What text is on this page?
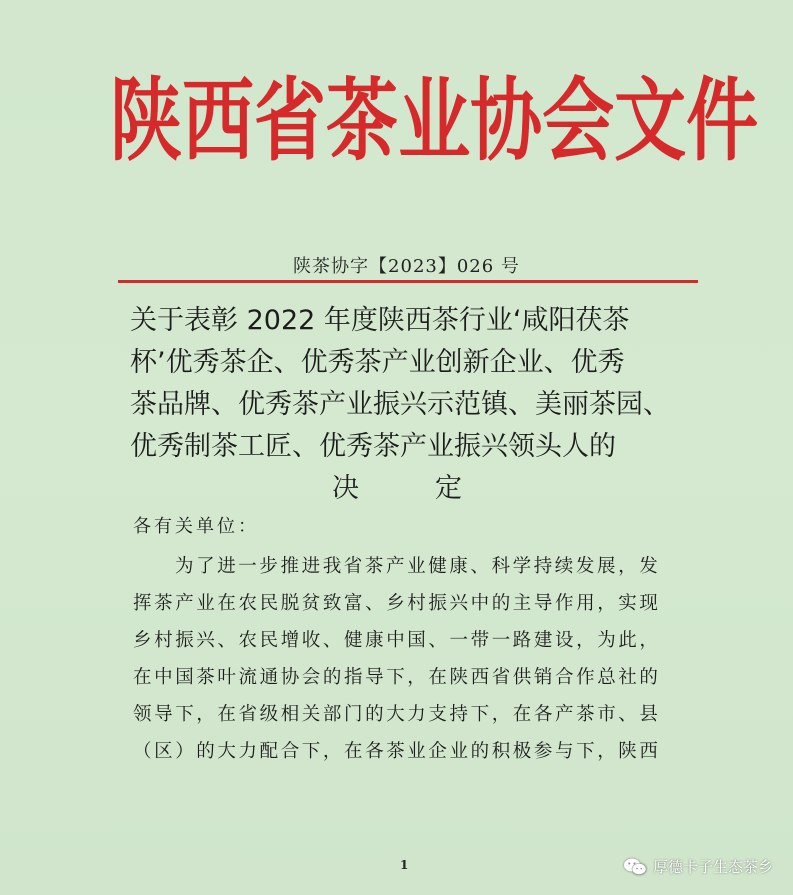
陕 西 省 茶 业 协 会 文 件
陕茶协字【2023】026 号
关于表彰 2022 年度陕西茶行业‘咸阳茯茶
杯’优秀茶企、优秀茶产业创新企业、优秀
茶品牌、优秀茶产业振兴示范镇、美丽茶园、
优秀制茶工匠、优秀茶产业振兴领头人的
决定
各有关单位：
为了进一步推进我省茶产业健康、科学持续发展，发
挥茶产业在农民脱贫致富、乡村振兴中的主导作用，实现
乡村振兴、农民增收、健康中国、一带一路建设，为此，
在中国茶叶流通协会的指导下，在陕西省供销合作总社的
领导下，在省级相关部门的大力支持下，在各产茶市、县
（区）的大力配合下，在各茶业企业的积极参与下，陕西
1	厚德卡子生态茶乡
